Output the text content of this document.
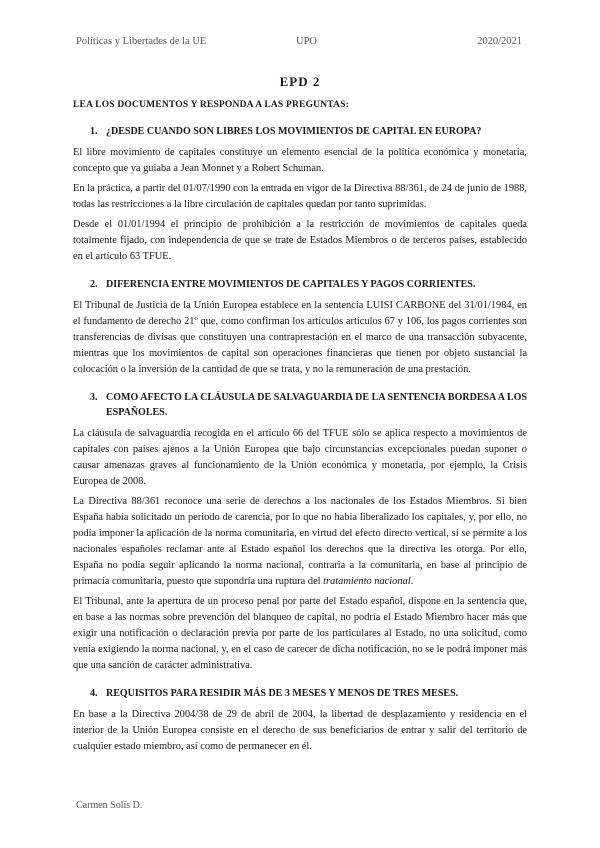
Políticas y Libertades de la UE	UPO	2020/2021
EPD 2
LEA LOS DOCUMENTOS Y RESPONDA A LAS PREGUNTAS:
1. ¿DESDE CUANDO SON LIBRES LOS MOVIMIENTOS DE CAPITAL EN EUROPA?

El libre movimiento de capitales constituye un elemento esencial de la política económica y monetaria, concepto que ya guiaba a Jean Monnet y a Robert Schuman.

En la práctica, a partir del 01/07/1990 con la entrada en vigor de la Directiva 88/361, de 24 de junio de 1988, todas las restricciones a la libre circulación de capitales quedan por tanto suprimidas.

Desde el 01/01/1994 el principio de prohibición a la restricción de movimientos de capitales queda totalmente fijado, con independencia de que se trate de Estados Miembros o de terceros países, establecido en el artículo 63 TFUE.

2. DIFERENCIA ENTRE MOVIMIENTOS DE CAPITALES Y PAGOS CORRIENTES.

El Tribunal de Justicia de la Unión Europea establece en la sentencia LUISI CARBONE del 31/01/1984, en el fundamento de derecho 21º que, como confirman los artículos artículos 67 y 106, los pagos corrientes son transferencias de divisas que constituyen una contraprestación en el marco de una transacción subyacente, mientras que los movimientos de capital son operaciones financieras que tienen por objeto sustancial la colocación o la inversión de la cantidad de que se trata, y no la remuneración de una prestación.

3. COMO AFECTO LA CLÁUSULA DE SALVAGUARDIA DE LA SENTENCIA BORDESA A LOS ESPAÑOLES.

La cláusula de salvaguardia recogida en el artículo 66 del TFUE sólo se aplica respecto a movimientos de capitales con países ajenos a la Unión Europea que bajo circunstancias excepcionales puedan suponer o causar amenazas graves al funcionamiento de la Unión económica y monetaria, por ejemplo, la Crisis Europea de 2008.

La Directiva 88/361 reconoce una serie de derechos a los nacionales de los Estados Miembros. Si bien España había solicitado un periodo de carencia, por lo que no había liberalizado los capitales, y, por ello, no podía imponer la aplicación de la norma comunitaria, en virtud del efecto directo vertical, sí se permite a los nacionales españoles reclamar ante al Estado español los derechos que la directiva les otorga. Por ello, España no podía seguir aplicando la norma nacional, contraria a la comunitaria, en base al principio de primacía comunitaria, puesto que supondría una ruptura del tratamiento nacional.

El Tribunal, ante la apertura de un proceso penal por parte del Estado español, dispone en la sentencia que, en base a las normas sobre prevención del blanqueo de capital, no podría el Estado Miembro hacer más que exigir una notificación o declaración previa por parte de los particulares al Estado, no una solicitud, como venía exigiendo la norma nacional, y, en el caso de carecer de dicha notificación, no se le podrá imponer más que una sanción de carácter administrativa.

4. REQUISITOS PARA RESIDIR MÁS DE 3 MESES Y MENOS DE TRES MESES.

En base a la Directiva 2004/38 de 29 de abril de 2004, la libertad de desplazamiento y residencia en el interior de la Unión Europea consiste en el derecho de sus beneficiarios de entrar y salir del territorio de cualquier estado miembro, así como de permanecer en él.

Carmen Solís D.
